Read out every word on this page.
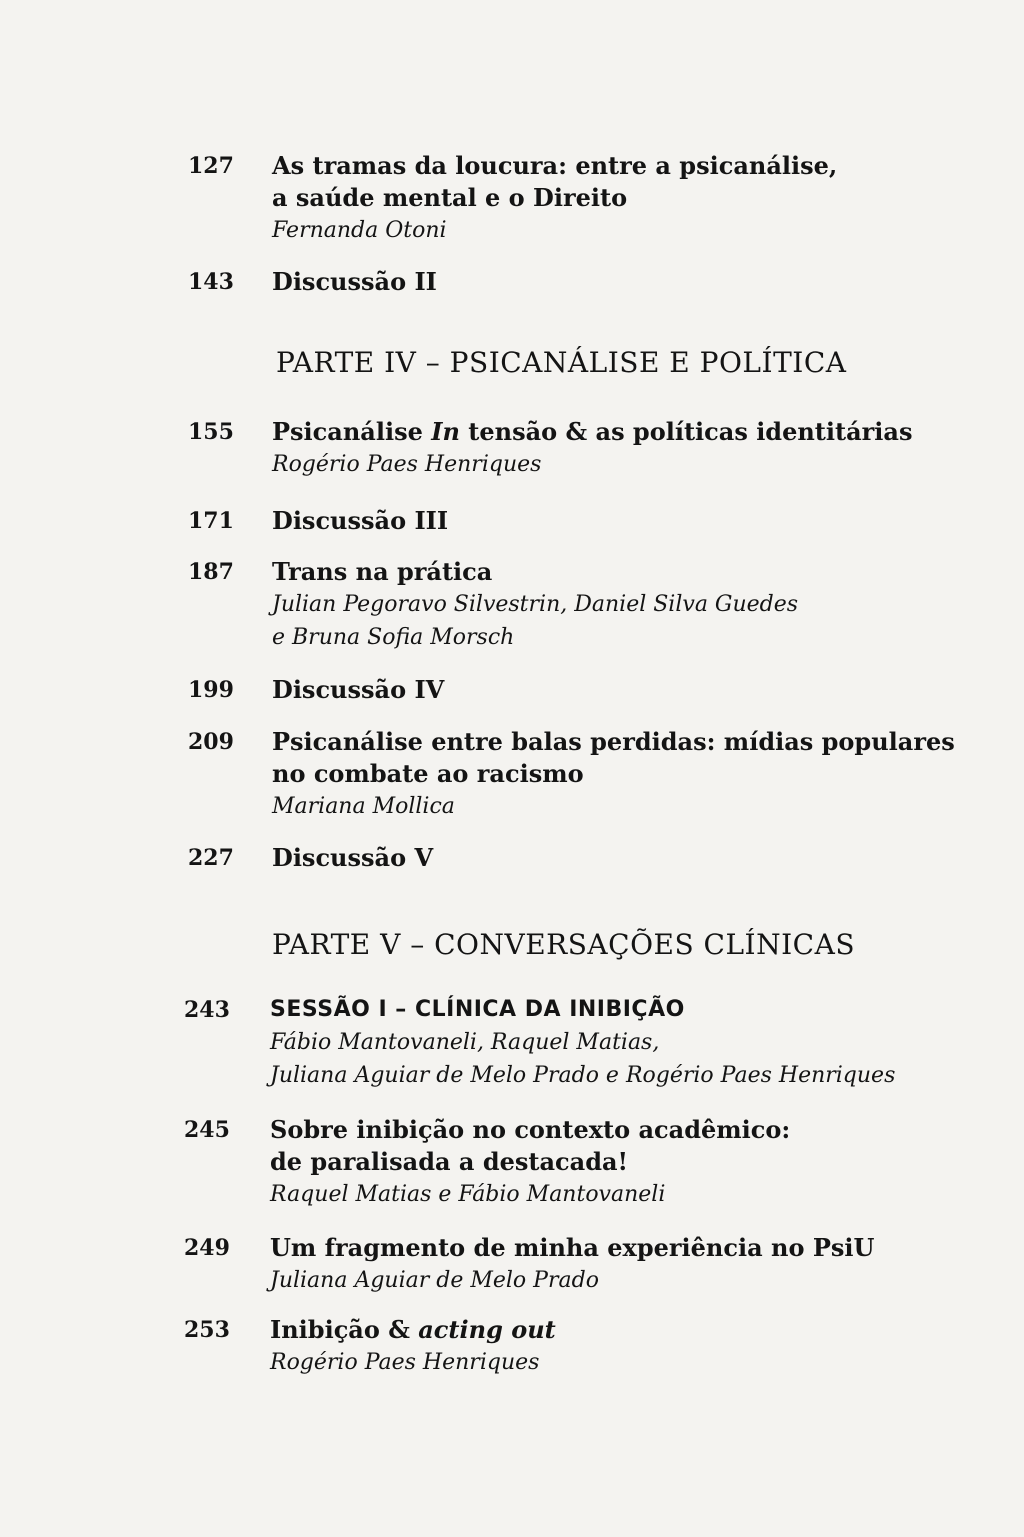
127 As tramas da loucura: entre a psicanálise,
a saúde mental e o Direito
Fernanda Otoni
143 Discussão II
PARTE IV – PSICANÁLISE E POLÍTICA
155 Psicanálise In tensão & as políticas identitárias
Rogério Paes Henriques
171 Discussão III
187 Trans na prática
Julian Pegoravo Silvestrin, Daniel Silva Guedes
e Bruna Sofia Morsch
199 Discussão IV
209 Psicanálise entre balas perdidas: mídias populares
no combate ao racismo
Mariana Mollica
227 Discussão V
PARTE V – CONVERSAÇÕES CLÍNICAS
243 SESSÃO I – CLÍNICA DA INIBIÇÃO
Fábio Mantovaneli, Raquel Matias,
Juliana Aguiar de Melo Prado e Rogério Paes Henriques
245 Sobre inibição no contexto acadêmico:
de paralisada a destacada!
Raquel Matias e Fábio Mantovaneli
249 Um fragmento de minha experiência no PsiU
Juliana Aguiar de Melo Prado
253 Inibição & acting out
Rogério Paes Henriques
